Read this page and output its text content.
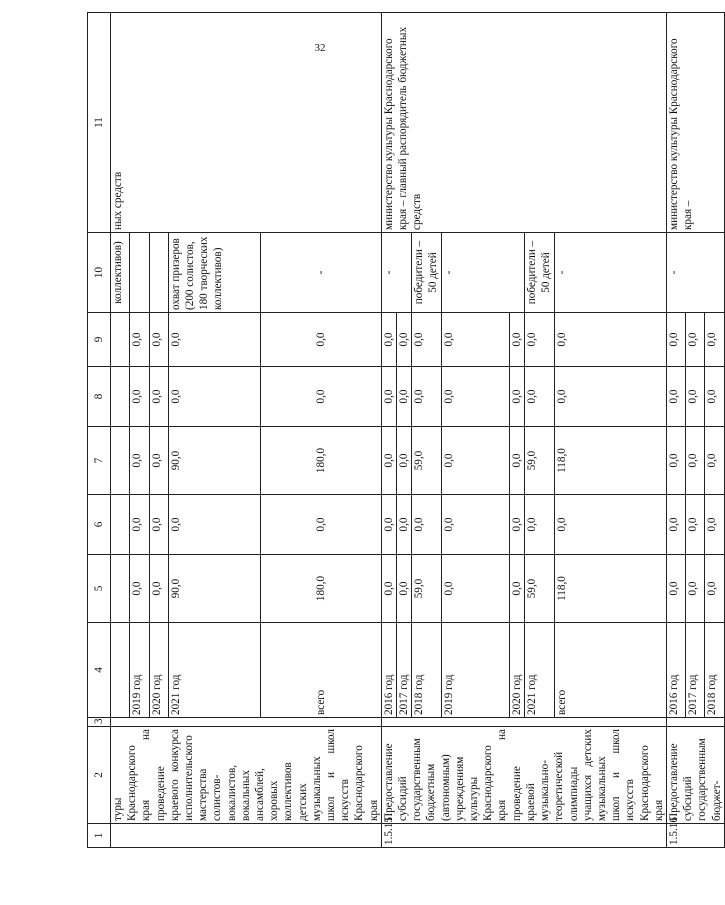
32
1	2	3	4	5	6	7	8	9	10	11
	туры Краснодарского края на проведение краевого конкурса исполнительского мастерства солистов-вокалистов, вокальных ансамблей, хоровых коллективов детских музыкальных школ и школ искусств Краснодарского края								коллективов)	ных средств
			2019 год	0,0	0,0	0,0	0,0	0,0		
			2020 год	0,0	0,0	0,0	0,0	0,0		
			2021 год	90,0	0,0	90,0	0,0	0,0	охват призеров (200 солистов, 180 творческих коллективов)	
			всего	180,0	0,0	180,0	0,0	0,0	-	
1.5.15	Предоставление субсидий государственным бюджетным (автономным) учреждениям культуры Краснодарского края на проведение краевой музыкально-теоретической олимпиады учащихся детских музыкальных школ и школ искусств Краснодарского края		2016 год	0,0	0,0	0,0	0,0	0,0	-	министерство культуры Краснодарского края – главный распорядитель бюджетных средств
			2017 год	0,0	0,0	0,0	0,0	0,0		
			2018 год	59,0	0,0	59,0	0,0	0,0	победители – 50 детей	
			2019 год	0,0	0,0	0,0	0,0	0,0	-	
			2020 год	0,0	0,0	0,0	0,0	0,0		
			2021 год	59,0	0,0	59,0	0,0	0,0	победители – 50 детей	
			всего	118,0	0,0	118,0	0,0	0,0	-	
1.5.16	Предоставление субсидий государственным бюджет-		2016 год	0,0	0,0	0,0	0,0	0,0	-	министерство культуры Краснодарского края –
			2017 год	0,0	0,0	0,0	0,0	0,0		
			2018 год	0,0	0,0	0,0	0,0	0,0		
